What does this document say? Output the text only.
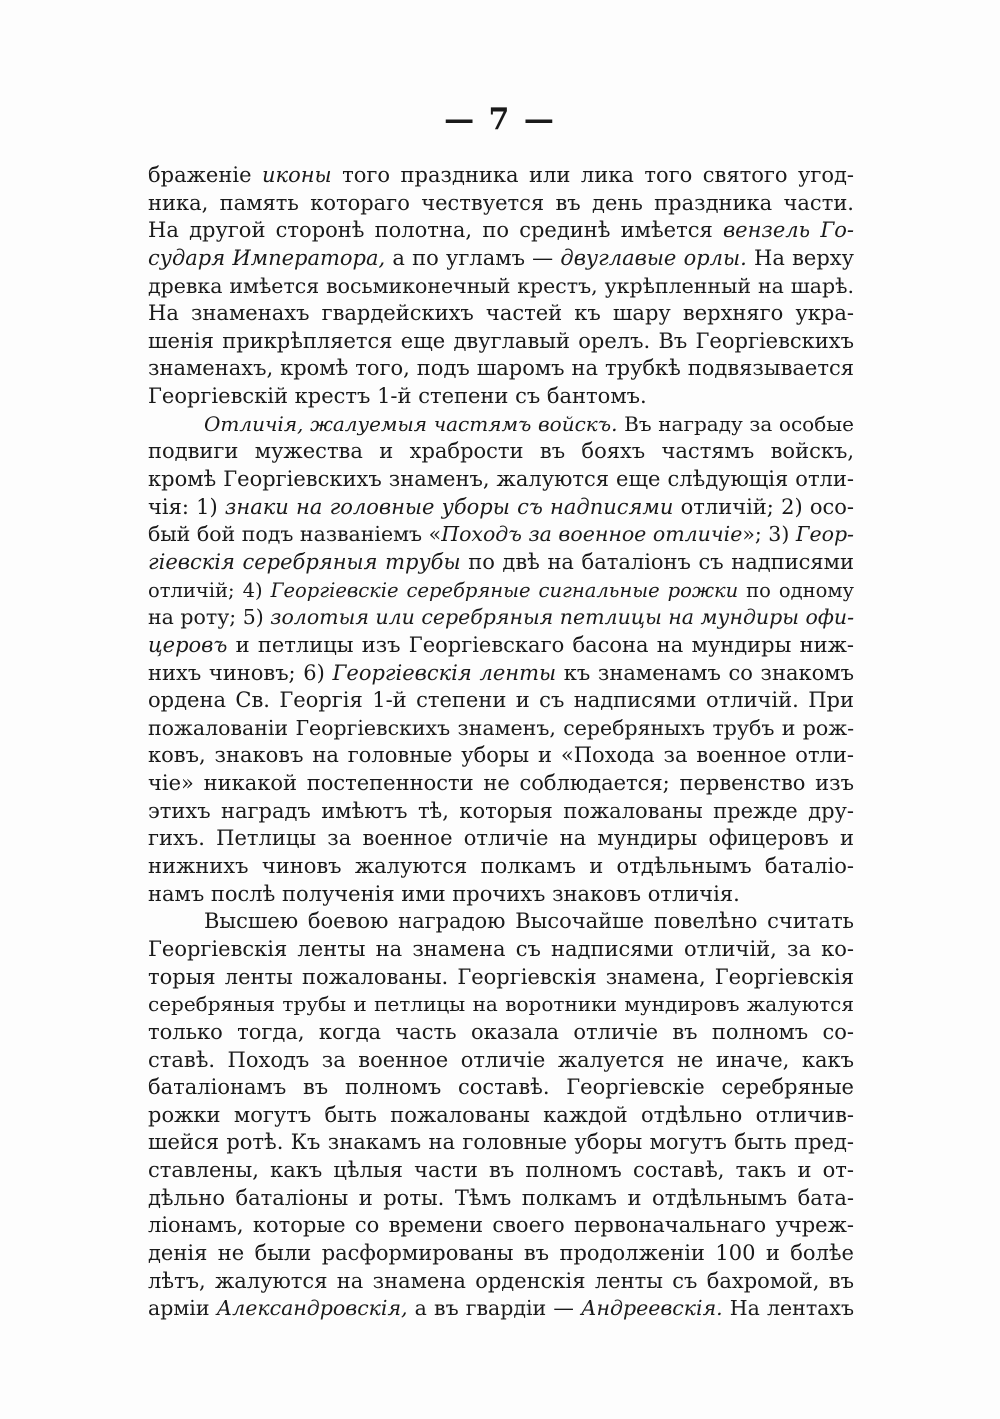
— 7 —
браженіе иконы того праздника или лика того святого угод-
ника, память котораго чествуется въ день праздника части.
На другой сторонѣ полотна, по срединѣ имѣется вензель Го-
сударя Императора, а по угламъ — двуглавые орлы. На верху
древка имѣется восьмиконечный крестъ, укрѣпленный на шарѣ.
На знаменахъ гвардейскихъ частей къ шару верхняго укра-
шенія прикрѣпляется еще двуглавый орелъ. Въ Георгіевскихъ
знаменахъ, кромѣ того, подъ шаромъ на трубкѣ подвязывается
Георгіевскій крестъ 1-й степени съ бантомъ.
Отличія, жалуемыя частямъ войскъ. Въ награду за особые
подвиги мужества и храбрости въ бояхъ частямъ войскъ,
кромѣ Георгіевскихъ знаменъ, жалуются еще слѣдующія отли-
чія: 1) знаки на головные уборы съ надписями отличій; 2) осо-
бый бой подъ названіемъ «Походъ за военное отличіе»; 3) Геор-
гіевскія серебряныя трубы по двѣ на баталіонъ съ надписями
отличій; 4) Георгіевскіе серебряные сигнальные рожки по одному
на роту; 5) золотыя или серебряныя петлицы на мундиры офи-
церовъ и петлицы изъ Георгіевскаго басона на мундиры ниж-
нихъ чиновъ; 6) Георгіевскія ленты къ знаменамъ со знакомъ
ордена Св. Георгія 1-й степени и съ надписями отличій. При
пожалованіи Георгіевскихъ знаменъ, серебряныхъ трубъ и рож-
ковъ, знаковъ на головные уборы и «Похода за военное отли-
чіе» никакой постепенности не соблюдается; первенство изъ
этихъ наградъ имѣютъ тѣ, которыя пожалованы прежде дру-
гихъ. Петлицы за военное отличіе на мундиры офицеровъ и
нижнихъ чиновъ жалуются полкамъ и отдѣльнымъ баталіо-
намъ послѣ полученія ими прочихъ знаковъ отличія.
Высшею боевою наградою Высочайше повелѣно считать
Георгіевскія ленты на знамена съ надписями отличій, за ко-
торыя ленты пожалованы. Георгіевскія знамена, Георгіевскія
серебряныя трубы и петлицы на воротники мундировъ жалуются
только тогда, когда часть оказала отличіе въ полномъ со-
ставѣ. Походъ за военное отличіе жалуется не иначе, какъ
баталіонамъ въ полномъ составѣ. Георгіевскіе серебряные
рожки могутъ быть пожалованы каждой отдѣльно отличив-
шейся ротѣ. Къ знакамъ на головные уборы могутъ быть пред-
ставлены, какъ цѣлыя части въ полномъ составѣ, такъ и от-
дѣльно баталіоны и роты. Тѣмъ полкамъ и отдѣльнымъ бата-
ліонамъ, которые со времени своего первоначальнаго учреж-
денія не были расформированы въ продолженіи 100 и болѣе
лѣтъ, жалуются на знамена орденскія ленты съ бахромой, въ
арміи Александровскія, а въ гвардіи — Андреевскія. На лентахъ
